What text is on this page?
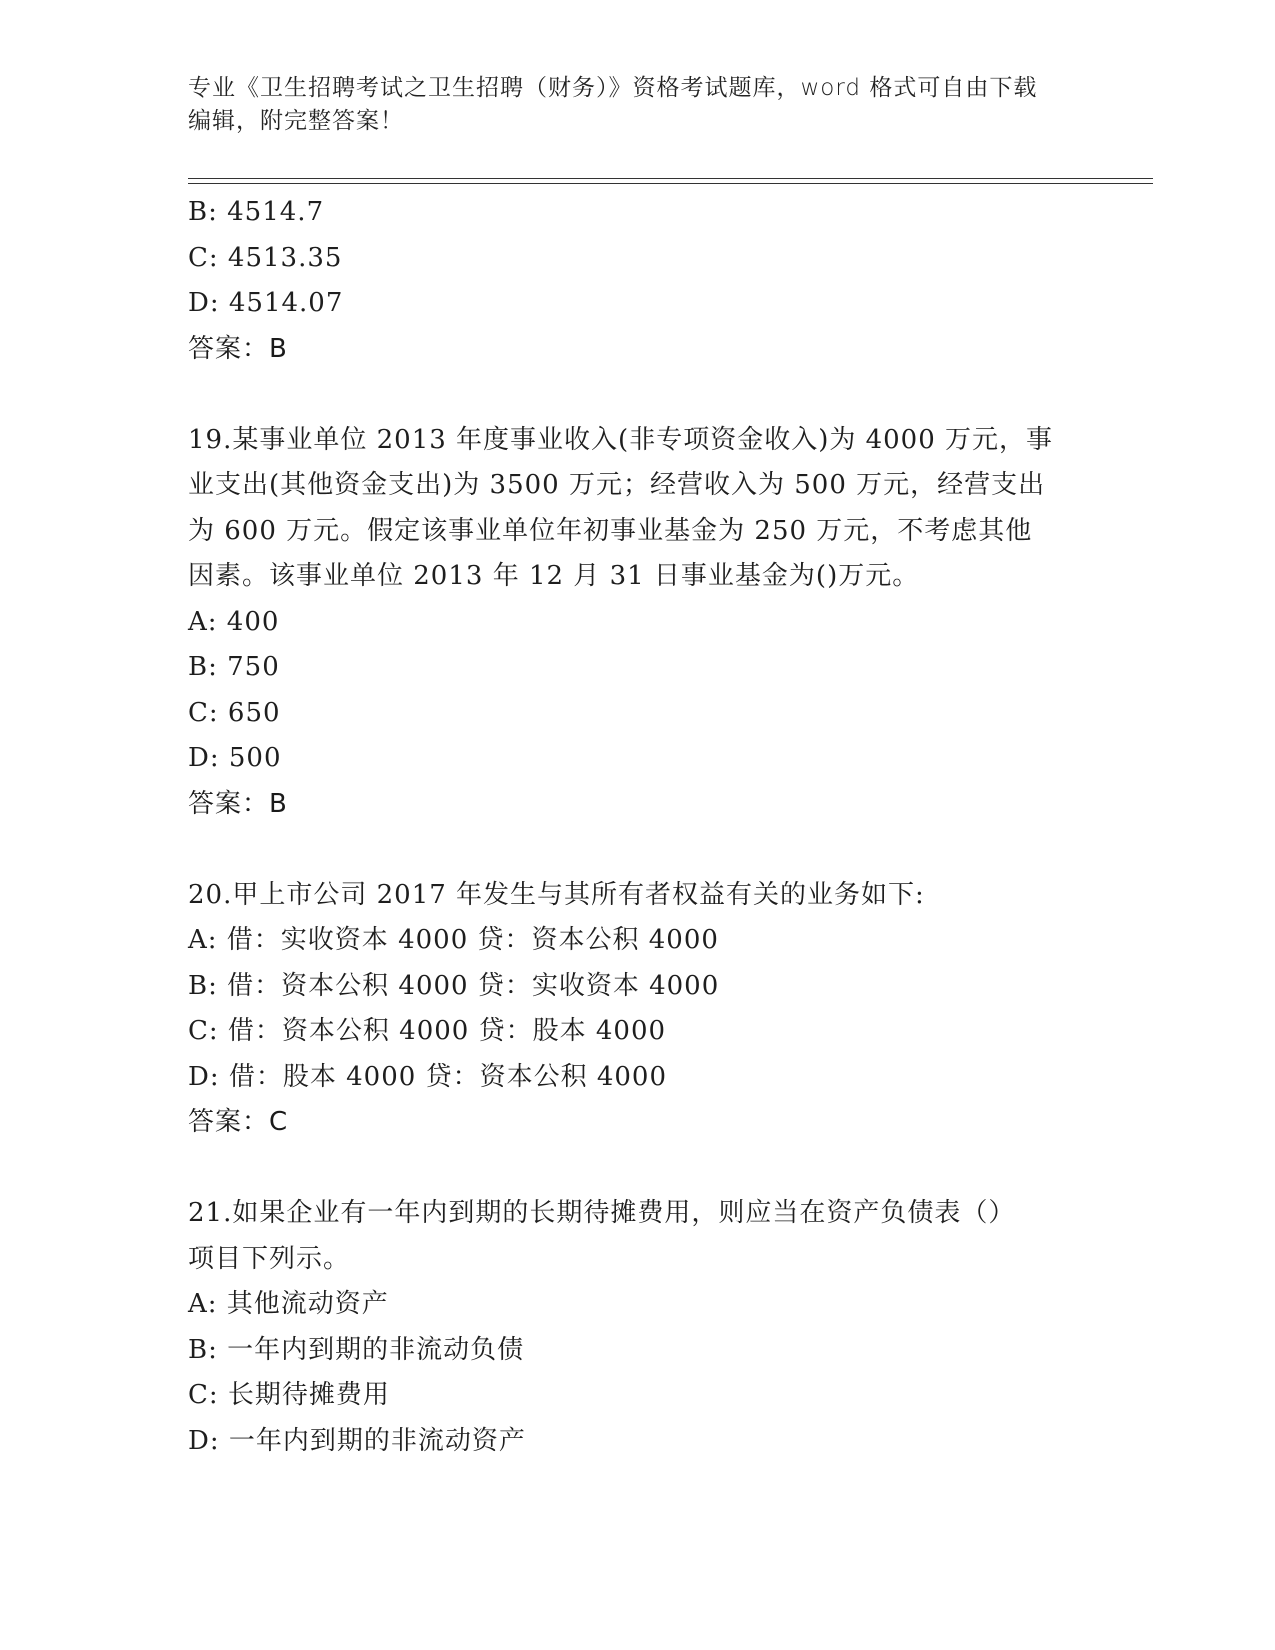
专业《卫生招聘考试之卫生招聘（财务）》资格考试题库，word 格式可自由下载
编辑，附完整答案！
B: 4514.7
C: 4513.35
D: 4514.07
答案：B
19.某事业单位 2013 年度事业收入(非专项资金收入)为 4000 万元，事
业支出(其他资金支出)为 3500 万元；经营收入为 500 万元，经营支出
为 600 万元。假定该事业单位年初事业基金为 250 万元，不考虑其他
因素。该事业单位 2013 年 12 月 31 日事业基金为()万元。
A: 400
B: 750
C: 650
D: 500
答案：B
20.甲上市公司 2017 年发生与其所有者权益有关的业务如下:
A: 借：实收资本 4000 贷：资本公积 4000
B: 借：资本公积 4000 贷：实收资本 4000
C: 借：资本公积 4000 贷：股本 4000
D: 借：股本 4000 贷：资本公积 4000
答案：C
21.如果企业有一年内到期的长期待摊费用，则应当在资产负债表（）
项目下列示。
A: 其他流动资产
B: 一年内到期的非流动负债
C: 长期待摊费用
D: 一年内到期的非流动资产
